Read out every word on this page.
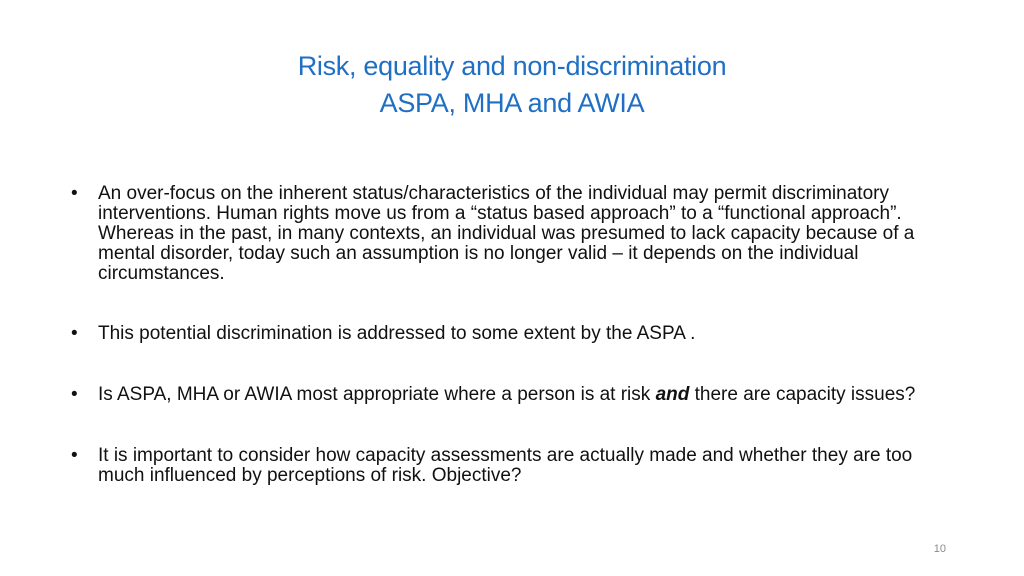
Risk, equality and non-discrimination
ASPA, MHA and AWIA
•	An over-focus on the inherent status/characteristics of the individual may permit discriminatory interventions. Human rights move us from a “status based approach” to a “functional approach”. Whereas in the past, in many contexts, an individual was presumed to lack capacity because of a mental disorder, today such an assumption is no longer valid – it depends on the individual circumstances.
•	This potential discrimination is addressed to some extent by the ASPA .
•	Is ASPA, MHA or AWIA most appropriate where a person is at risk and there are capacity issues?
•	It is important to consider how capacity assessments are actually made and whether they are too much influenced by perceptions of risk. Objective?
10
